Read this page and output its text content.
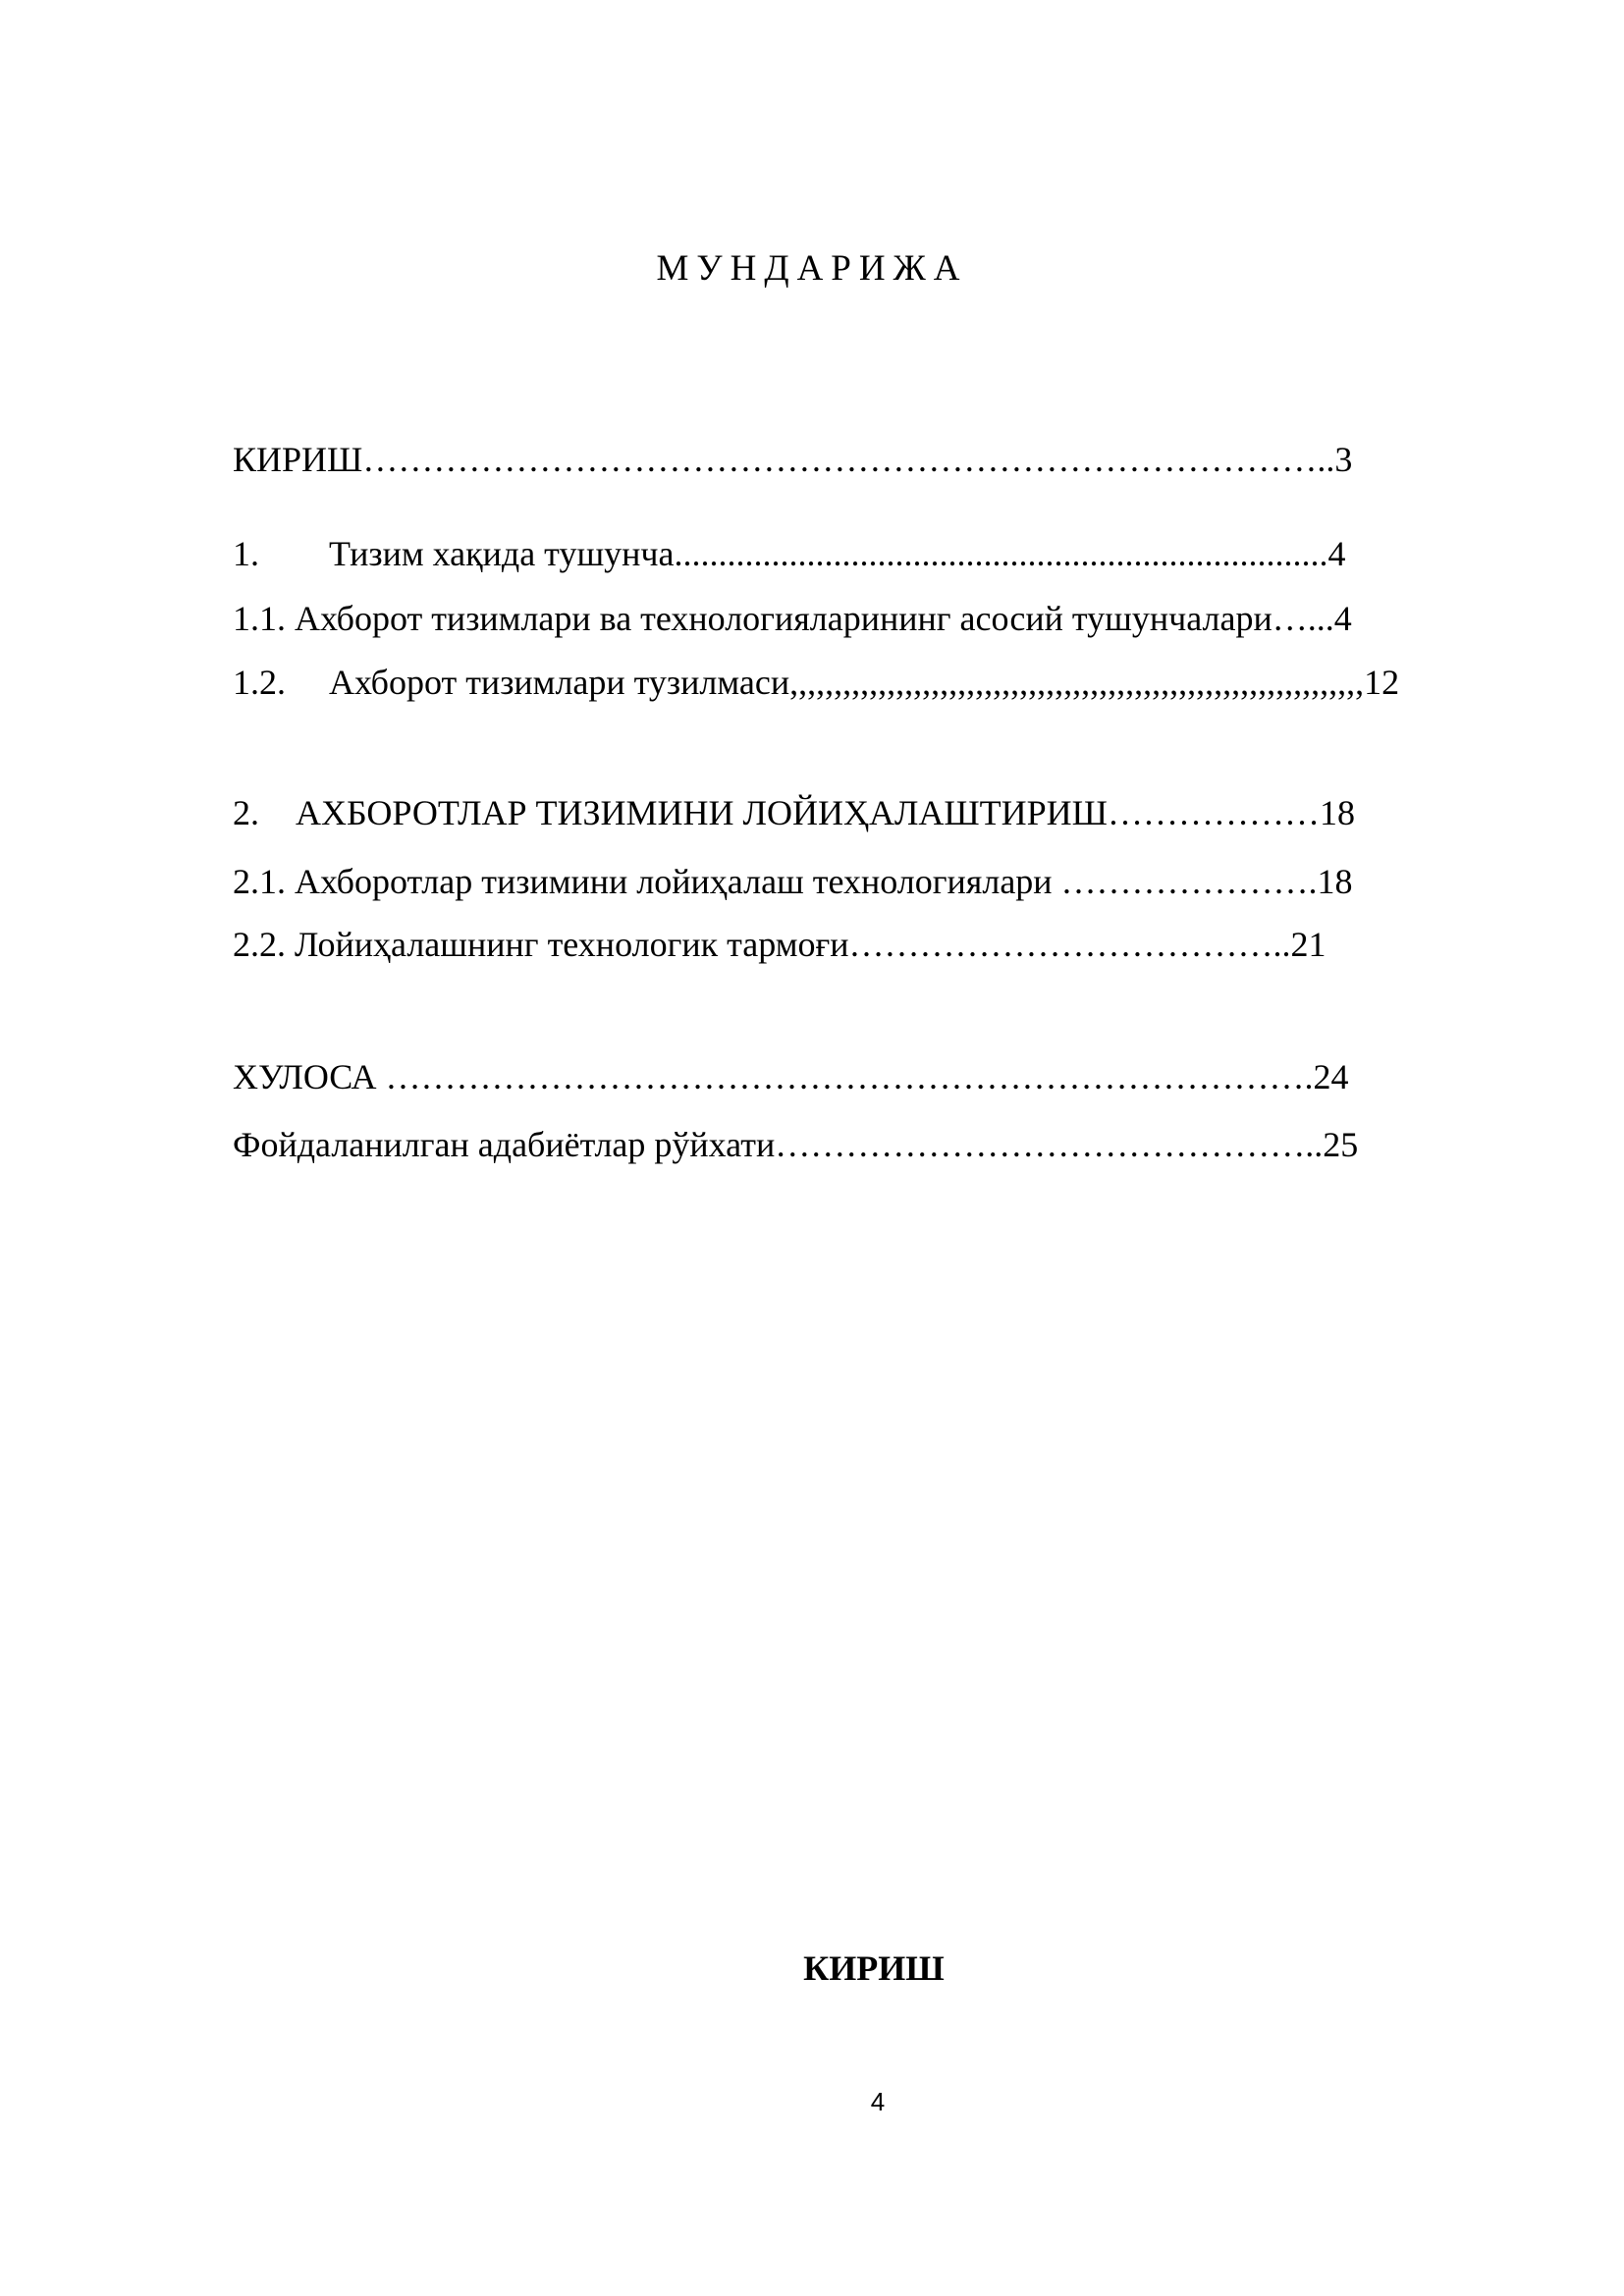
МУНДАРИЖА
КИРИШ………………………………………………………………………..3
1. Тизим хақида тушунча..........................................................................4
1.1. Ахборот тизимлари ва технологияларининг асосий тушунчалари…...4
1.2. Ахборот тизимлари тузилмаси,,,,,,,,,,,,,,,,,,,,,,,,,,,,,,,,,,,,,,,,,,,,,,,,,,,,,,,,,,,,,,,,,12
2. АХБОРОТЛАР ТИЗИМИНИ ЛОЙИҲАЛАШТИРИШ………………18
2.1. Ахборотлар тизимини лойиҳалаш технологиялари ………………….18
2.2. Лойиҳалашнинг технологик тармоғи………………………………..21
ХУЛОСА …………………………………………………………………….24
Фойдаланилган адабиётлар рўйхати………………………………………..25
КИРИШ
4
